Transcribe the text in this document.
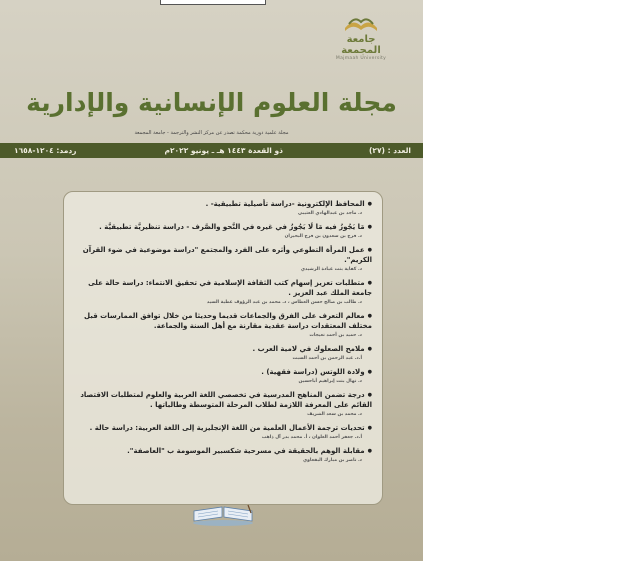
جامعة المجمعة
Majmaah University
مجلة العلوم الإنسانية والإدارية
مجلة علمية دورية محكمة تصدر عن مركز النشر والترجمة - جامعة المجمعة
العدد : (٢٧)
ذو القعدة ١٤٤٣ هـ ـ يونيو ٢٠٢٢م
ردمد: ١٢٠٤-١٦٥٨

● المحافظ الإلكترونية -دراسة تأصيلية تطبيقية- .

د. ماجد بن عبدالهادي العتيبي

● مَا يَجُوزُ فيه مَا لَا يَجُوزُ في غيره في النَّحو والصَّرف - دراسة تنظيريَّة تطبيقيَّة .

د. فرج بن سعدون بن فرج البحيران

● عمل المرأة التطوعي وأثره على الفرد والمجتمع "دراسة موضوعية في ضوء القرآن الكريم".

د. كفاية بنت عبادة الرشيدي

● متطلبات تعزيز إسهام كتب الثقافة الإسلامية في تحقيق الانتماء: دراسة حالة على جامعة الملك عبد العزيز .

د. طالب بن صالح حسن العطاس ، د. محمد بن عبد الرؤوف عطية السيد

● معالم التعرف على الفرق والجماعات قديما وحديثا من خلال توافق الممارسات قبل مختلف المعتقدات دراسة عقدية مقارنة مع أهل السنة والجماعة.

د. حميد بن أحمد نعيجات

● ملامح الصعلوك في لامية العرب .

أ.د. عبد الرحمن بن أحمد السبت

● ولادة اللوتس (دراسة فقهية) .

د. نهال بنت إبراهيم أباحسين

● درجة تضمن المناهج المدرسية في تخصصي اللغة العربية والعلوم لمتطلبات الاقتصاد القائم على المعرفة اللازمة لطلاب المرحلة المتوسطة وطالباتها .

د. محمد بن سعد الشريف

● تحديات ترجمة الأعمال العلمية من اللغة الإنجليزية إلى اللغة العربية: دراسة حالة .

أ.د. جعفر أحمد العلوان ، أ. محمد بدر آل ذاهب

● مقابلة الوهم بالحقيقة في مسرحية شكسبير الموسومة ب "العاصفة".

د. ناصر بن مبارك البقعاوي
